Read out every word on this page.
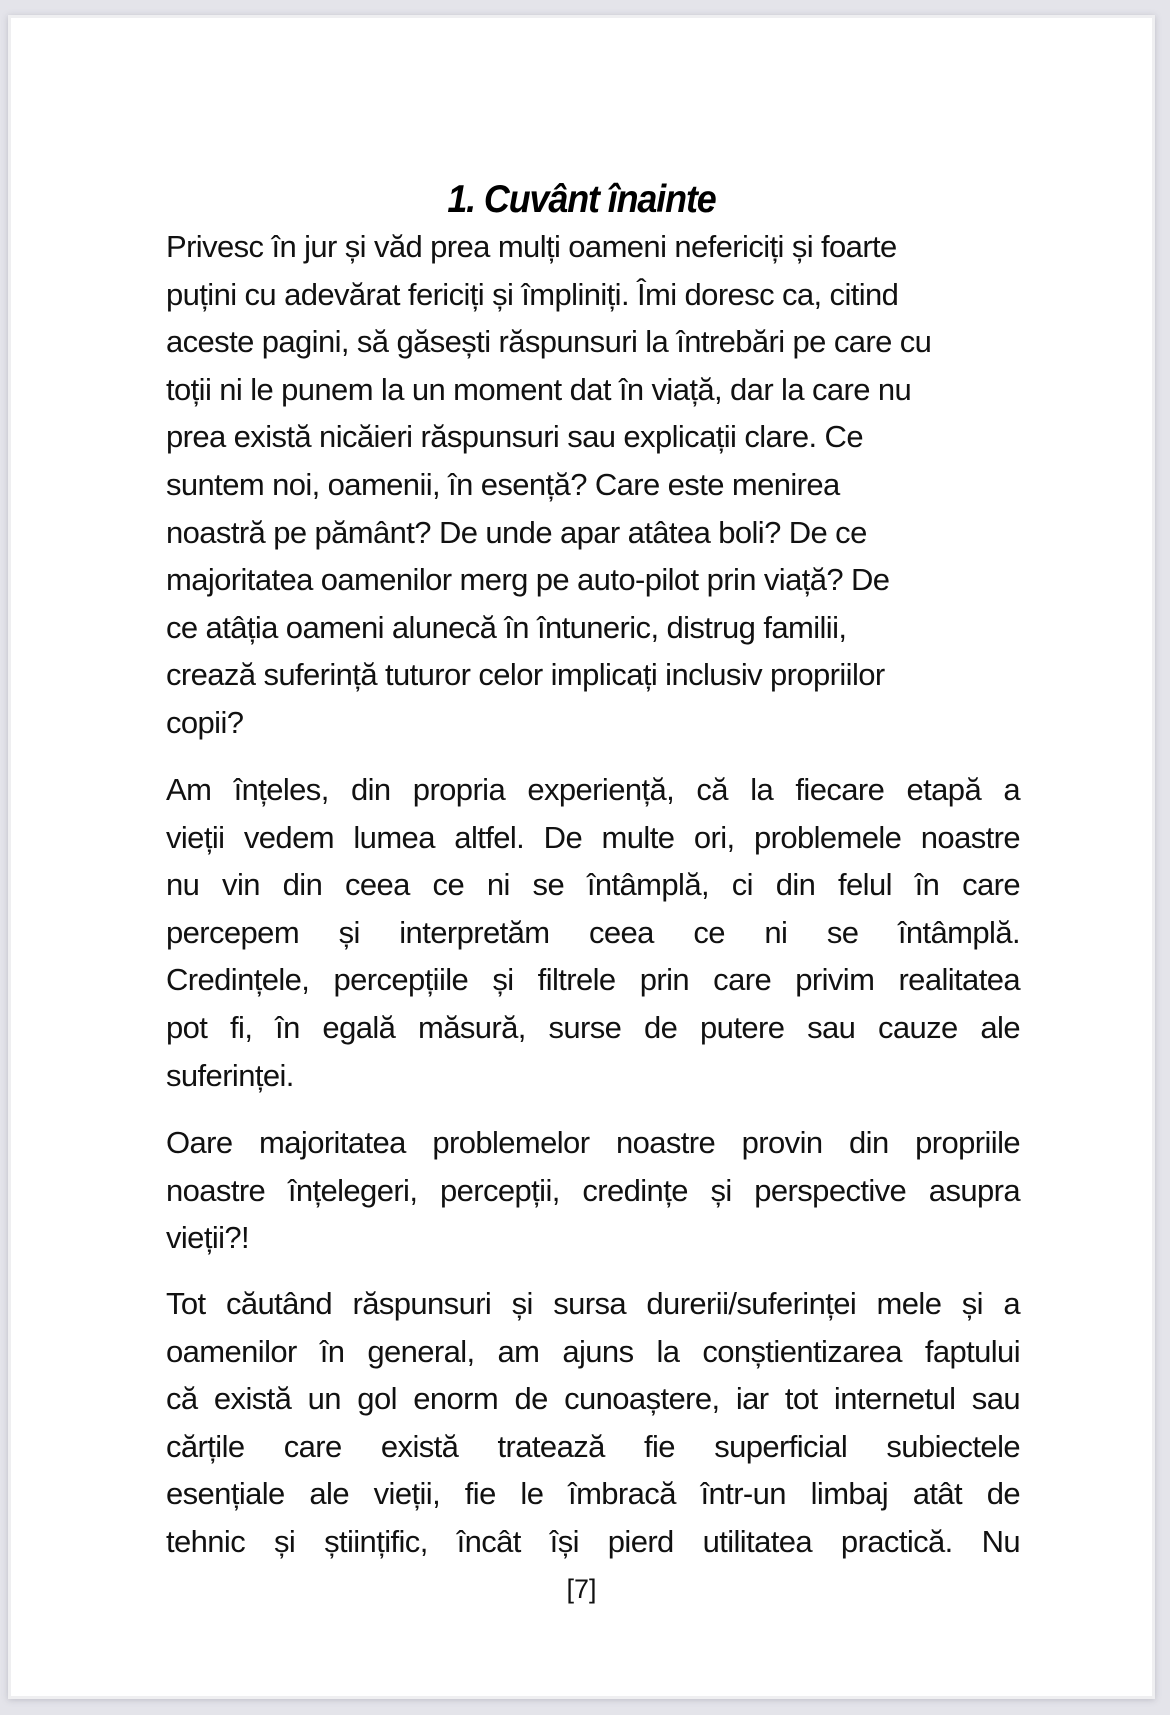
1. Cuvânt înainte
Privesc în jur și văd prea mulți oameni nefericiți și foarte
puțini cu adevărat fericiți și împliniți. Îmi doresc ca, citind
aceste pagini, să găsești răspunsuri la întrebări pe care cu
toții ni le punem la un moment dat în viață, dar la care nu
prea există nicăieri răspunsuri sau explicații clare. Ce
suntem noi, oamenii, în esență? Care este menirea
noastră pe pământ? De unde apar atâtea boli? De ce
majoritatea oamenilor merg pe auto-pilot prin viață? De
ce atâția oameni alunecă în întuneric, distrug familii,
crează suferință tuturor celor implicați inclusiv propriilor
copii?
Am înțeles, din propria experiență, că la fiecare etapă a
vieții vedem lumea altfel. De multe ori, problemele noastre
nu vin din ceea ce ni se întâmplă, ci din felul în care
percepem și interpretăm ceea ce ni se întâmplă.
Credințele, percepțiile și filtrele prin care privim realitatea
pot fi, în egală măsură, surse de putere sau cauze ale
suferinței.
Oare majoritatea problemelor noastre provin din propriile
noastre înțelegeri, percepții, credințe și perspective asupra
vieții?!
Tot căutând răspunsuri și sursa durerii/suferinței mele și a
oamenilor în general, am ajuns la conștientizarea faptului
că există un gol enorm de cunoaștere, iar tot internetul sau
cărțile care există tratează fie superficial subiectele
esențiale ale vieții, fie le îmbracă într-un limbaj atât de
tehnic și științific, încât își pierd utilitatea practică. Nu
[7]
